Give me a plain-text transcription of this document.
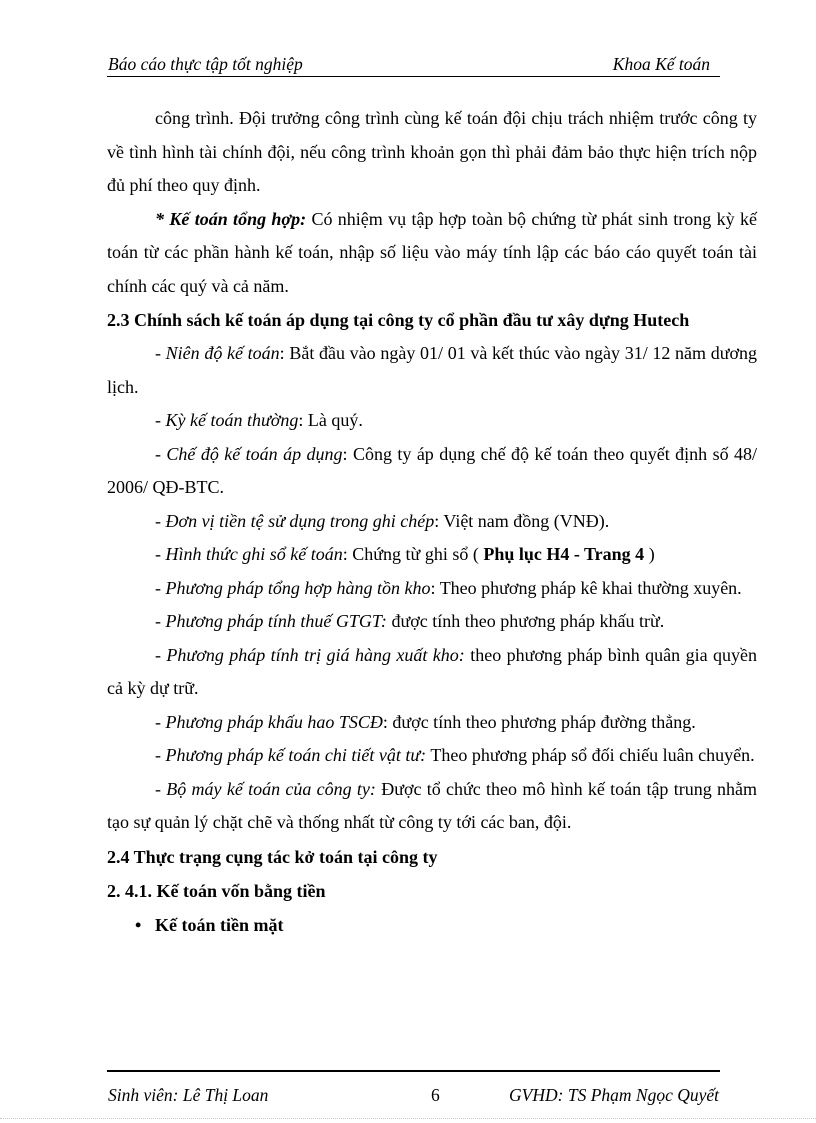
Báo cáo thực tập tốt nghiệp	Khoa Kế toán

công trình. Đội trưởng công trình cùng kế toán đội chịu trách nhiệm trước công ty về tình hình tài chính đội, nếu công trình khoản gọn thì phải đảm bảo thực hiện trích nộp đủ phí theo quy định.

* Kế toán tổng hợp: Có nhiệm vụ tập hợp toàn bộ chứng từ phát sinh trong kỳ kế toán từ các phần hành kế toán, nhập số liệu vào máy tính lập các báo cáo quyết toán tài chính các quý và cả năm.

2.3 Chính sách kế toán áp dụng tại công ty cổ phần đầu tư xây dựng Hutech

- Niên độ kế toán: Bắt đầu vào ngày 01/ 01 và kết thúc vào ngày 31/ 12 năm dương lịch.

- Kỳ kế toán thường: Là quý.

- Chế độ kế toán áp dụng: Công ty áp dụng chế độ kế toán theo quyết định số 48/ 2006/ QĐ-BTC.

- Đơn vị tiền tệ sử dụng trong ghi chép: Việt nam đồng (VNĐ).

- Hình thức ghi sổ kế toán: Chứng từ ghi sổ ( Phụ lục H4 - Trang 4 )

- Phương pháp tổng hợp hàng tồn kho: Theo phương pháp kê khai thường xuyên.

- Phương pháp tính thuế GTGT: được tính theo phương pháp khấu trừ.

- Phương pháp tính trị giá hàng xuất kho: theo phương pháp bình quân gia quyền cả kỳ dự trữ.

- Phương pháp khấu hao TSCĐ: được tính theo phương pháp đường thẳng.

- Phương pháp kế toán chi tiết vật tư: Theo phương pháp sổ đối chiếu luân chuyển.

- Bộ máy kế toán của công ty: Được tổ chức theo mô hình kế toán tập trung nhằm tạo sự quản lý chặt chẽ và thống nhất từ công ty tới các ban, đội.

2.4 Thực trạng cụng tác kở toán tại công ty

2. 4.1. Kế toán vốn bằng tiền

• Kế toán tiền mặt

Sinh viên: Lê Thị Loan	6	GVHD: TS Phạm Ngọc Quyết
